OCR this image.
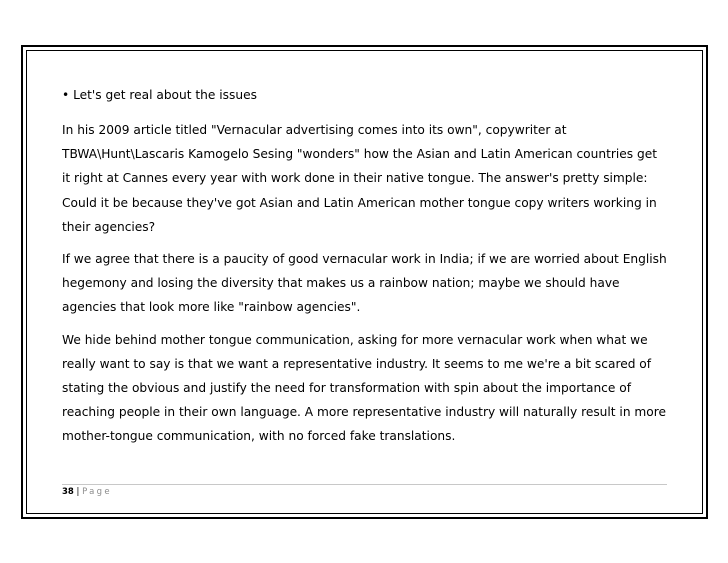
• Let's get real about the issues

In his 2009 article titled "Vernacular advertising comes into its own", copywriter at TBWA\Hunt\Lascaris Kamogelo Sesing "wonders" how the Asian and Latin American countries get it right at Cannes every year with work done in their native tongue. The answer's pretty simple: Could it be because they've got Asian and Latin American mother tongue copy writers working in their agencies?

If we agree that there is a paucity of good vernacular work in India; if we are worried about English hegemony and losing the diversity that makes us a rainbow nation; maybe we should have agencies that look more like "rainbow agencies".

We hide behind mother tongue communication, asking for more vernacular work when what we really want to say is that we want a representative industry. It seems to me we're a bit scared of stating the obvious and justify the need for transformation with spin about the importance of reaching people in their own language. A more representative industry will naturally result in more mother-tongue communication, with no forced fake translations.

38 | Page
